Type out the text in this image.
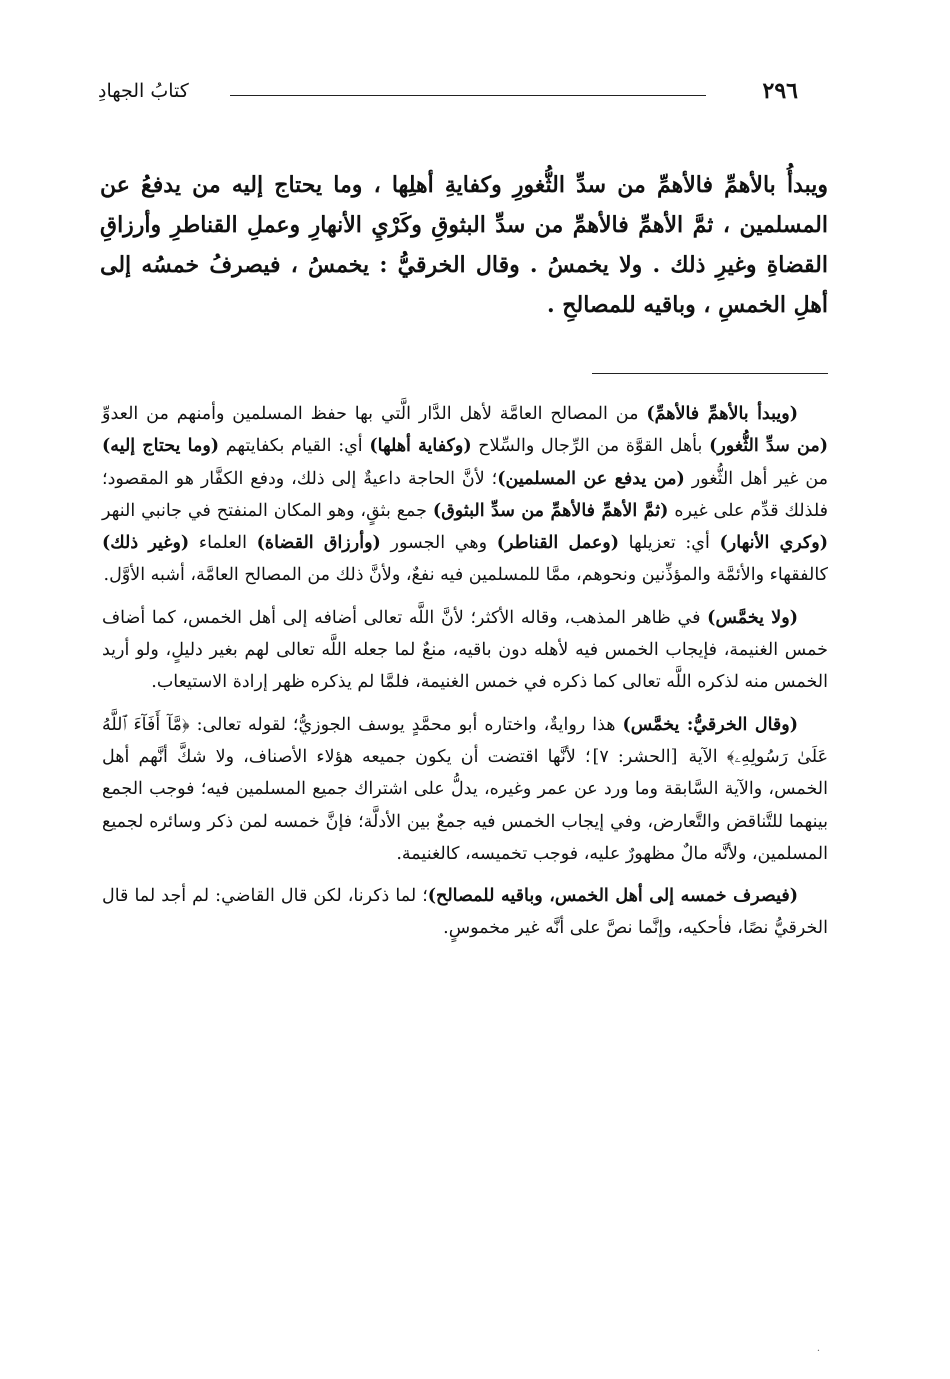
٢٩٦
كتابُ الجهادِ

ويبدأُ بالأهمِّ فالأهمِّ من سدِّ الثُّغورِ وكفايةِ أهلِها ، وما يحتاج إليه من يدفعُ عن المسلمين ، ثمَّ الأهمِّ فالأهمِّ من سدِّ البثوقِ وكَرْيِ الأنهارِ وعملِ القناطرِ وأرزاقِ القضاةِ وغيرِ ذلك . ولا يخمسُ . وقال الخرقيُّ : يخمسُ ، فيصرفُ خمسُه إلى أهلِ الخمسِ ، وباقيه للمصالحِ .

(ويبدأ بالأهمِّ فالأهمِّ) من المصالح العامَّة لأهل الدَّار الَّتي بها حفظ المسلمين وأمنهم من العدوِّ (من سدِّ الثُّغور) بأهل القوَّة من الرِّجال والسِّلاح (وكفاية أهلها) أي: القيام بكفايتهم (وما يحتاج إليه) من غير أهل الثُّغور (من يدفع عن المسلمين)؛ لأنَّ الحاجة داعيةٌ إلى ذلك، ودفع الكفَّار هو المقصود؛ فلذلك قدِّم على غيره (ثمَّ الأهمِّ فالأهمِّ من سدِّ البثوق) جمع بثقٍ، وهو المكان المنفتح في جانبي النهر (وكري الأنهار) أي: تعزيلها (وعمل القناطر) وهي الجسور (وأرزاق القضاة) العلماء (وغير ذلك) كالفقهاء والأئمَّة والمؤذِّنين ونحوهم، ممَّا للمسلمين فيه نفعٌ، ولأنَّ ذلك من المصالح العامَّة، أشبه الأوَّل.

(ولا يخمَّس) في ظاهر المذهب، وقاله الأكثر؛ لأنَّ اللَّه تعالى أضافه إلى أهل الخمس، كما أضاف خمس الغنيمة، فإيجاب الخمس فيه لأهله دون باقيه، منعٌ لما جعله اللَّه تعالى لهم بغير دليلٍ، ولو أريد الخمس منه لذكره اللَّه تعالى كما ذكره في خمس الغنيمة، فلمَّا لم يذكره ظهر إرادة الاستيعاب.

(وقال الخرقيُّ: يخمَّس) هذا روايةٌ، واختاره أبو محمَّدٍ يوسف الجوزيُّ؛ لقوله تعالى: ﴿مَّآ أَفَآءَ ٱللَّهُ عَلَىٰ رَسُولِهِۦ﴾ الآية [الحشر: ٧]؛ لأنَّها اقتضت أن يكون جميعه هؤلاء الأصناف، ولا شكَّ أنَّهم أهل الخمس، والآية السَّابقة وما ورد عن عمر وغيره، يدلُّ على اشتراك جميع المسلمين فيه؛ فوجب الجمع بينهما للتَّناقض والتَّعارض، وفي إيجاب الخمس فيه جمعٌ بين الأدلَّة؛ فإنَّ خمسه لمن ذكر وسائره لجميع المسلمين، ولأنَّه مالٌ مظهورٌ عليه، فوجب تخميسه، كالغنيمة.

(فيصرف خمسه إلى أهل الخمس، وباقيه للمصالح)؛ لما ذكرنا، لكن قال القاضي: لم أجد لما قال الخرقيُّ نصًا، فأحكيه، وإنَّما نصَّ على أنَّه غير مخموسٍ.

·
